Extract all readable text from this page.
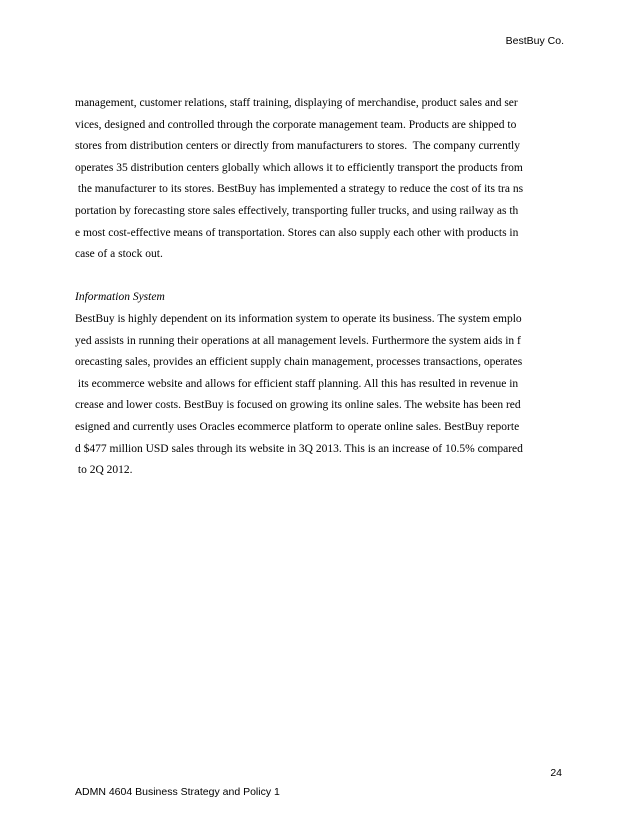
BestBuy Co.
management, customer relations, staff training, displaying of merchandise, product sales and ser
vices, designed and controlled through the corporate management team. Products are shipped to
stores from distribution centers or directly from manufacturers to stores.  The company currently
operates 35 distribution centers globally which allows it to efficiently transport the products from
the manufacturer to its stores. BestBuy has implemented a strategy to reduce the cost of its tra ns
portation by forecasting store sales effectively, transporting fuller trucks, and using railway as th
e most cost-effective means of transportation. Stores can also supply each other with products in
case of a stock out.
Information System
BestBuy is highly dependent on its information system to operate its business. The system emplo
yed assists in running their operations at all management levels. Furthermore the system aids in f
orecasting sales, provides an efficient supply chain management, processes transactions, operates
its ecommerce website and allows for efficient staff planning. All this has resulted in revenue in
crease and lower costs. BestBuy is focused on growing its online sales. The website has been red
esigned and currently uses Oracles ecommerce platform to operate online sales. BestBuy reporte
d $477 million USD sales through its website in 3Q 2013. This is an increase of 10.5% compared
to 2Q 2012.
24
ADMN 4604 Business Strategy and Policy 1
